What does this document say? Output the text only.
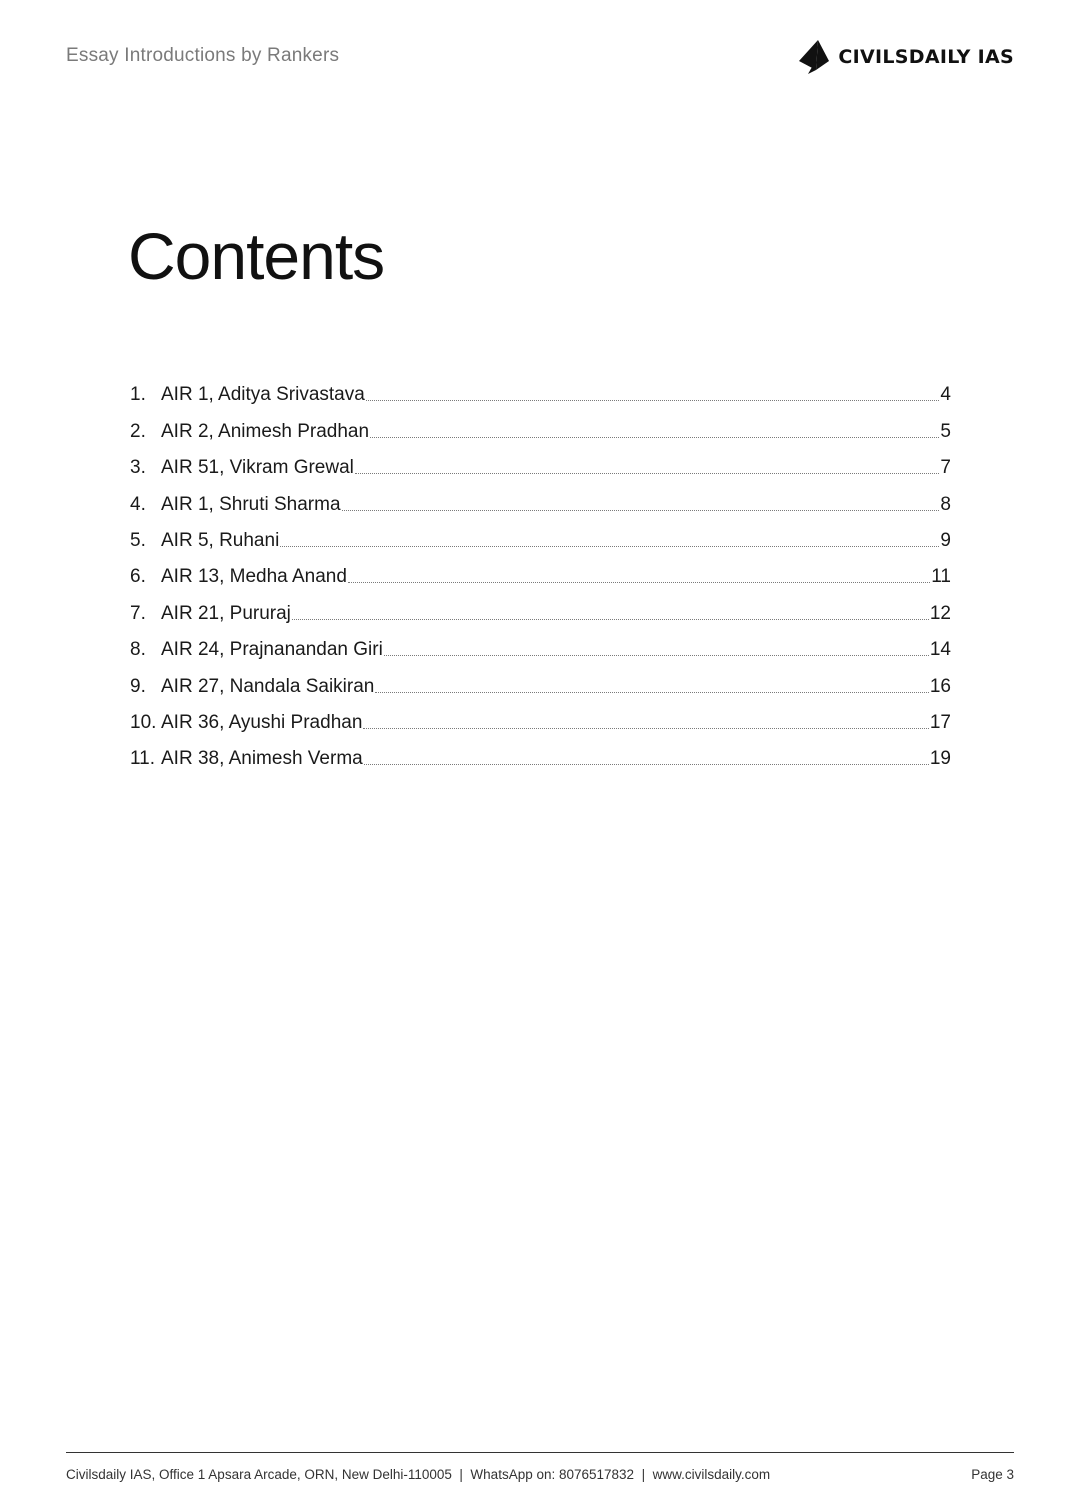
Essay Introductions by Rankers	CIVILSDAILY IAS
Contents
1. AIR 1, Aditya Srivastava	4
2. AIR 2, Animesh Pradhan	5
3. AIR 51, Vikram Grewal	7
4. AIR 1, Shruti Sharma	8
5. AIR 5, Ruhani	9
6. AIR 13, Medha Anand	11
7. AIR 21, Pururaj	12
8. AIR 24, Prajnanandan Giri	14
9. AIR 27, Nandala Saikiran	16
10. AIR 36, Ayushi Pradhan	17
11. AIR 38, Animesh Verma	19
Civilsdaily IAS, Office 1 Apsara Arcade, ORN, New Delhi-110005  |  WhatsApp on: 8076517832  |  www.civilsdaily.com	Page 3
